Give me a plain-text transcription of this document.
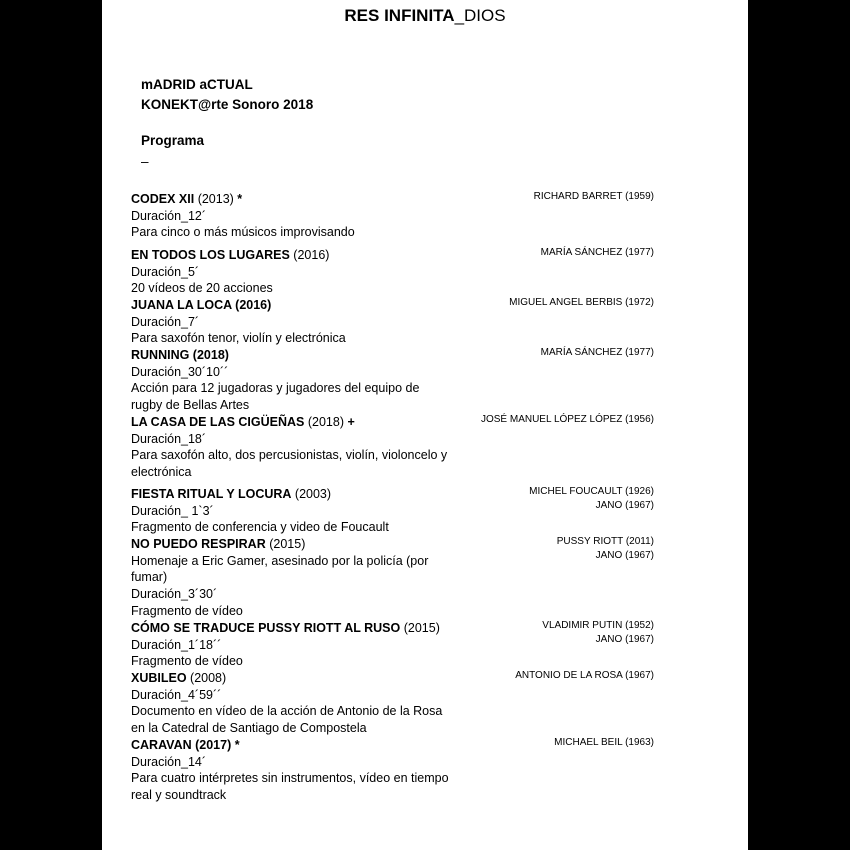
RES INFINITA_DIOS
mADRID aCTUAL
KONEKT@rte Sonoro 2018
Programa
–
CODEX XII (2013) *
Duración_12´
Para cinco o más músicos improvisando
RICHARD BARRET (1959)
EN TODOS LOS LUGARES (2016)
Duración_5´
20 vídeos de 20 acciones
MARÍA SÁNCHEZ (1977)
JUANA LA LOCA (2016)
Duración_7´
Para saxofón tenor, violín y electrónica
MIGUEL ANGEL BERBIS (1972)
RUNNING (2018)
Duración_30´10´´
Acción para 12 jugadoras y jugadores del equipo de
rugby de Bellas Artes
MARÍA SÁNCHEZ (1977)
LA CASA DE LAS CIGÜEÑAS (2018) +
Duración_18´
Para saxofón alto, dos percusionistas, violín, violoncelo y
electrónica
JOSÉ MANUEL LÓPEZ LÓPEZ (1956)
FIESTA RITUAL Y LOCURA (2003)
Duración_ 1`3´
Fragmento de conferencia y video de Foucault
MICHEL FOUCAULT (1926)
JANO (1967)
NO PUEDO RESPIRAR (2015)
Homenaje a Eric Gamer, asesinado por la policía (por
fumar)
Duración_3´30´
Fragmento de vídeo
PUSSY RIOTT (2011)
JANO (1967)
CÓMO SE TRADUCE PUSSY RIOTT AL RUSO (2015)
Duración_1´18´´
Fragmento de vídeo
VLADIMIR PUTIN (1952)
JANO (1967)
XUBILEO (2008)
Duración_4´59´´
Documento en vídeo de la acción de Antonio de la Rosa
en la Catedral de Santiago de Compostela
ANTONIO DE LA ROSA (1967)
CARAVAN (2017) *
Duración_14´
Para cuatro intérpretes sin instrumentos, vídeo en tiempo
real y soundtrack
MICHAEL BEIL (1963)
